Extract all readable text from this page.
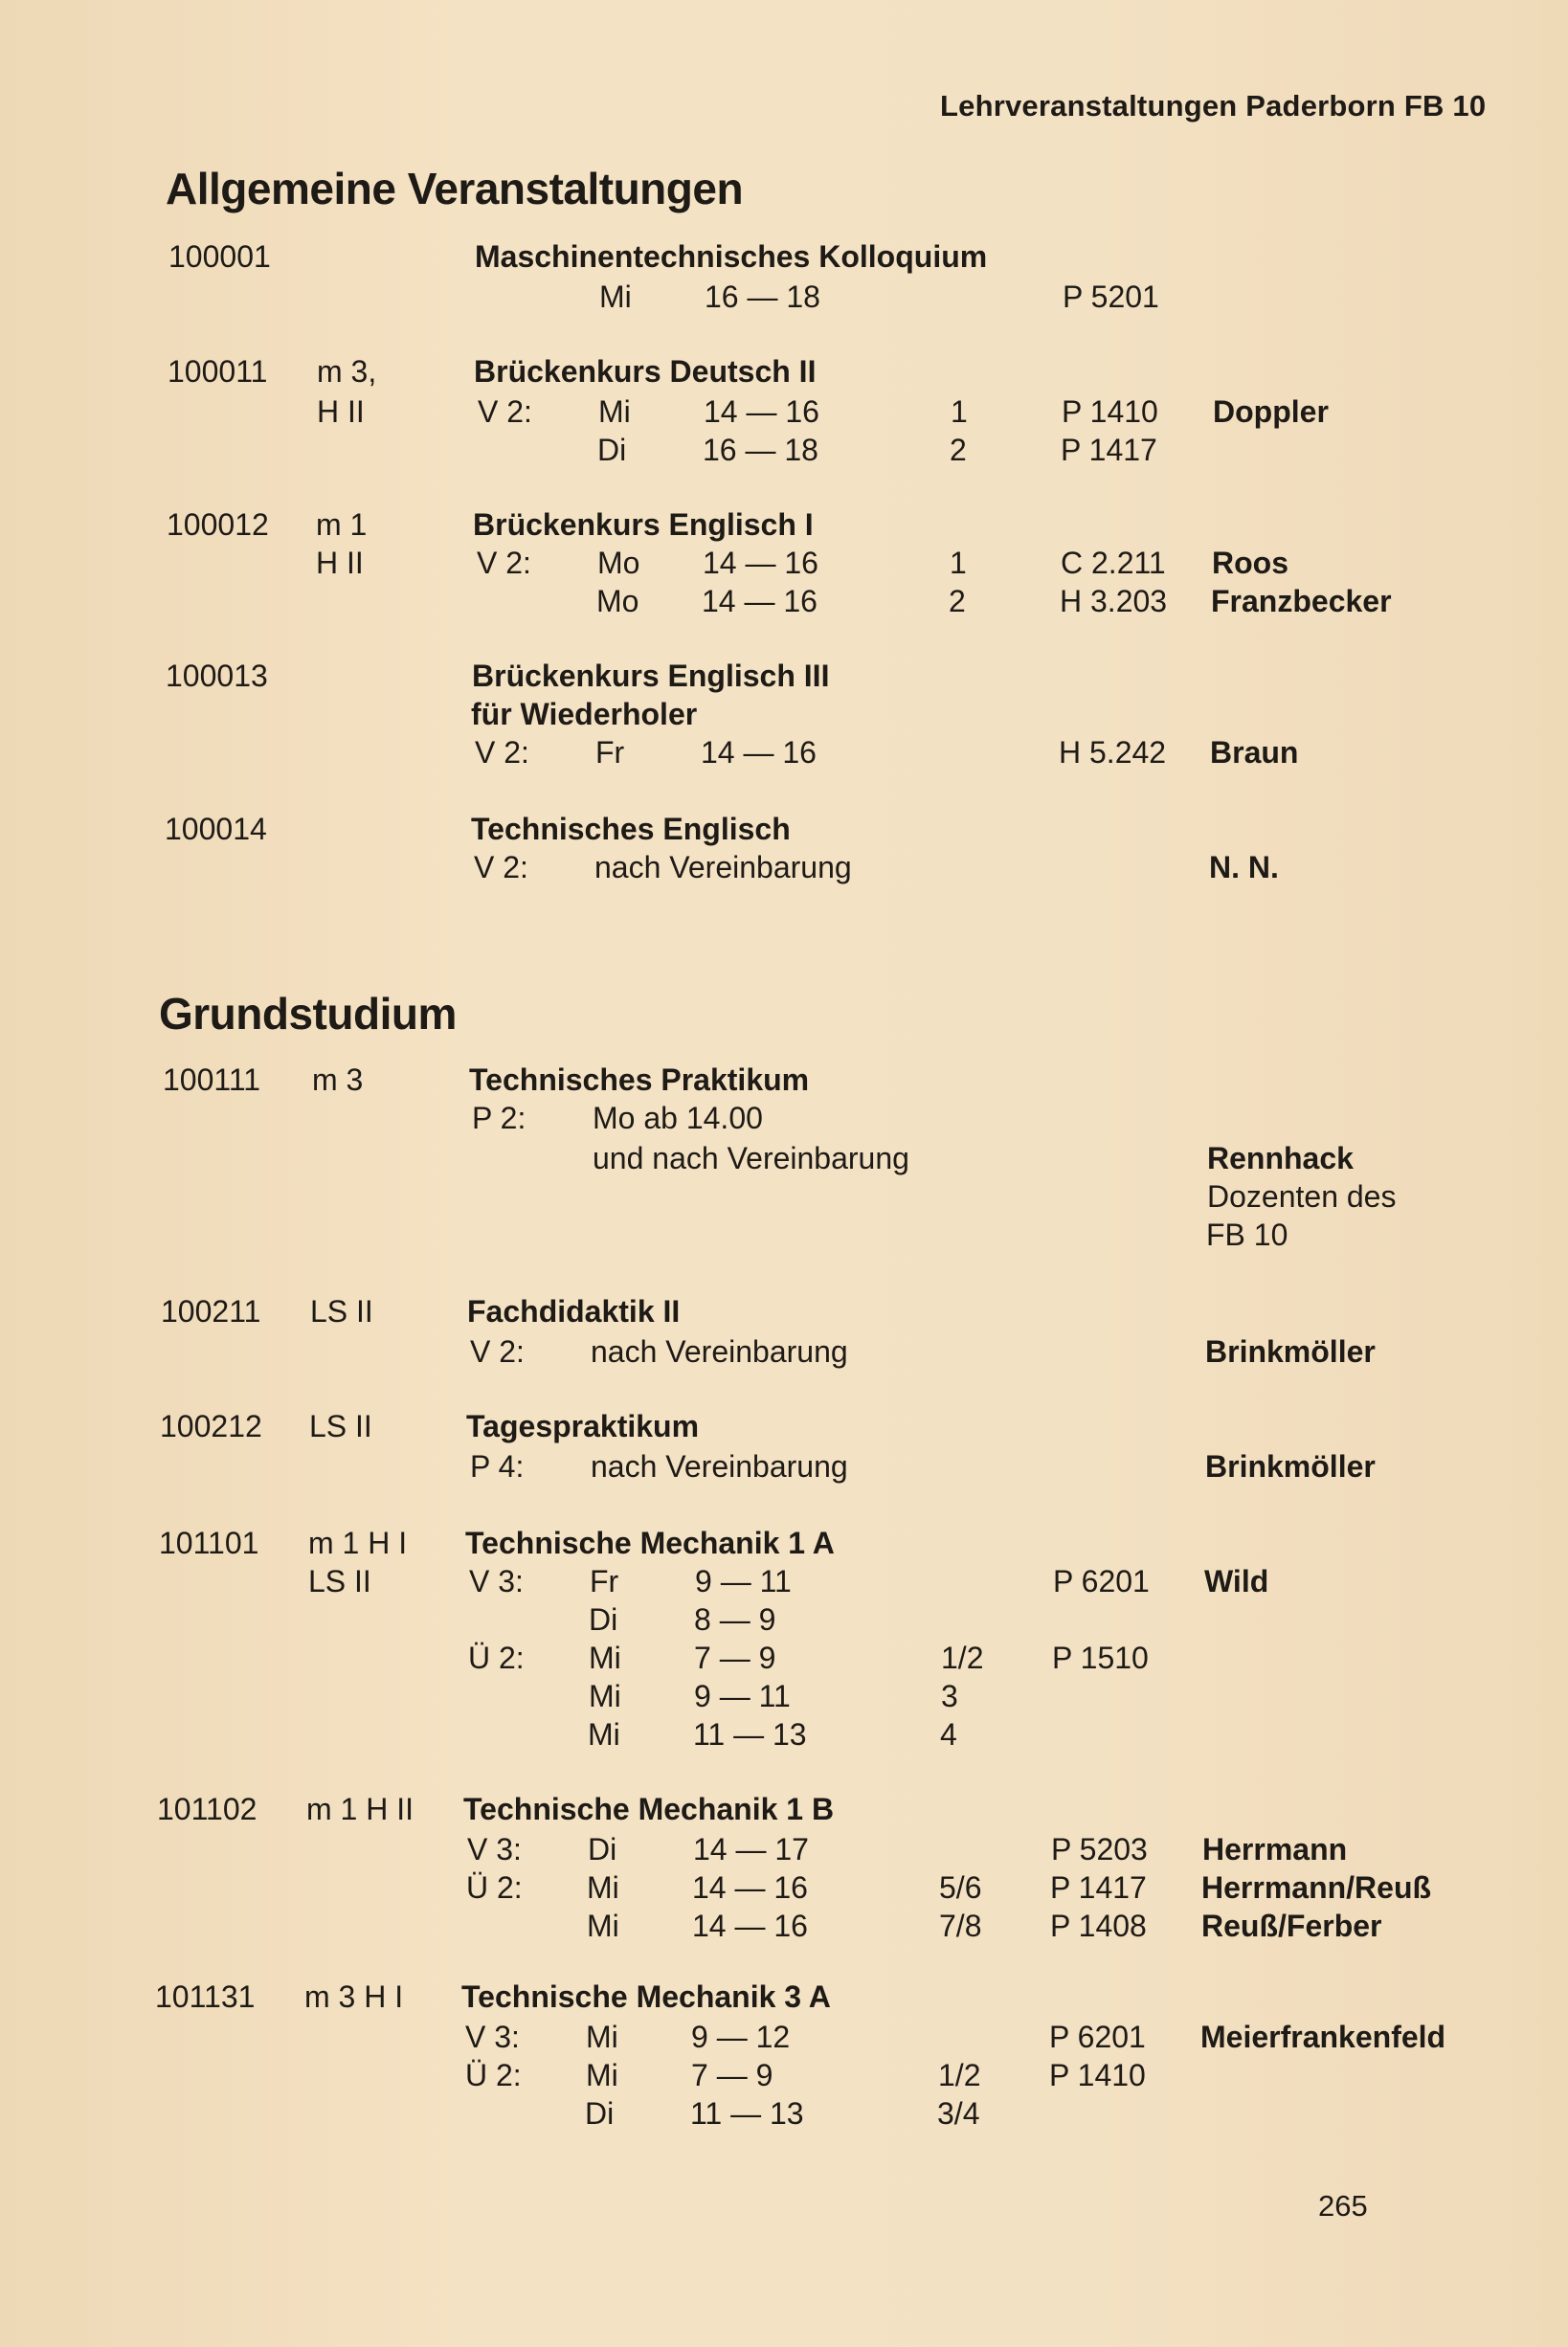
Lehrveranstaltungen Paderborn FB 10
Allgemeine Veranstaltungen
Grundstudium
100001	Maschinentechnisches Kolloquium
Mi 16 — 18	P 5201
100011 m 3,	Brückenkurs Deutsch II
H II	V 2: Mi 14 — 16	1	P 1410 Doppler
Di 16 — 18	2	P 1417
100012 m 1	Brückenkurs Englisch I
H II	V 2: Mo 14 — 16	1	C 2.211 Roos
Mo 14 — 16	2	H 3.203 Franzbecker
100013	Brückenkurs Englisch III
für Wiederholer
V 2: Fr 14 — 16	H 5.242 Braun
100014	Technisches Englisch
V 2: nach Vereinbarung	N. N.
100111 m 3	Technisches Praktikum
P 2: Mo ab 14.00
und nach Vereinbarung	Rennhack
Dozenten des
FB 10
100211 LS II	Fachdidaktik II
V 2: nach Vereinbarung	Brinkmöller
100212 LS II	Tagespraktikum
P 4: nach Vereinbarung	Brinkmöller
101101 m 1 H I Technische Mechanik 1 A
LS II	V 3: Fr 9 — 11	P 6201 Wild
Di 8 — 9
Ü 2: Mi 7 — 9	1/2 P 1510
Mi 9 — 11	3
Mi 11 — 13	4
101102 m 1 H II Technische Mechanik 1 B
V 3: Di 14 — 17	P 5203 Herrmann
Ü 2: Mi 14 — 16	5/6 P 1417 Herrmann/Reuß
Mi 14 — 16	7/8 P 1408 Reuß/Ferber
101131 m 3 H I Technische Mechanik 3 A
V 3: Mi 9 — 12	P 6201 Meierfrankenfeld
Ü 2: Mi 7 — 9	1/2 P 1410
Di 11 — 13	3/4
265
